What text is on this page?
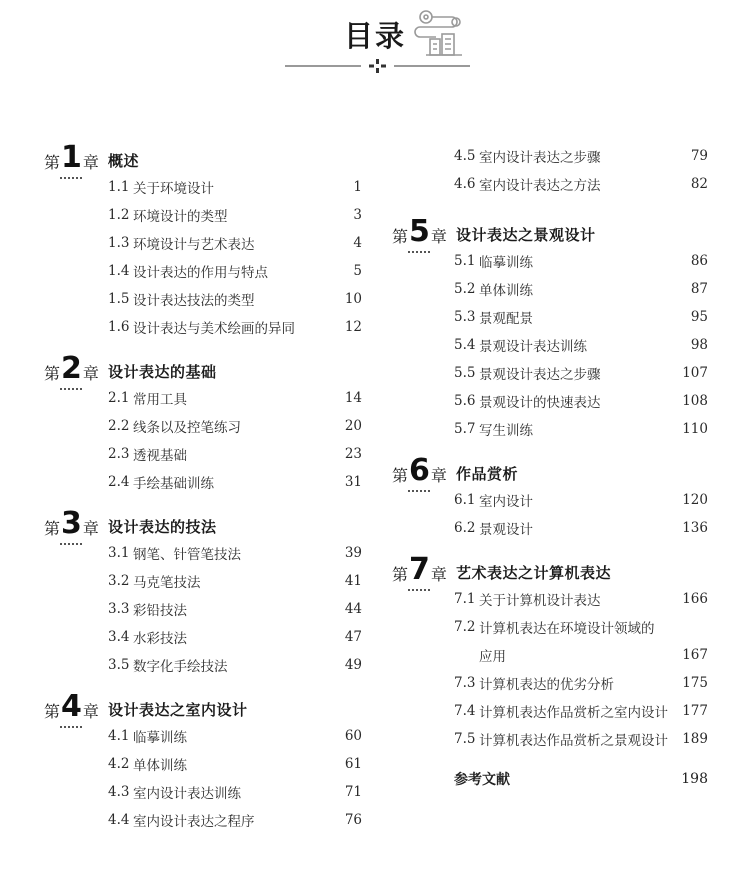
目录
第 1 章 概述
1.1 关于环境设计	1
1.2 环境设计的类型	3
1.3 环境设计与艺术表达	4
1.4 设计表达的作用与特点	5
1.5 设计表达技法的类型	10
1.6 设计表达与美术绘画的异同	12
第 2 章 设计表达的基础
2.1 常用工具	14
2.2 线条以及控笔练习	20
2.3 透视基础	23
2.4 手绘基础训练	31
第 3 章 设计表达的技法
3.1 钢笔、针管笔技法	39
3.2 马克笔技法	41
3.3 彩铅技法	44
3.4 水彩技法	47
3.5 数字化手绘技法	49
第 4 章 设计表达之室内设计
4.1 临摹训练	60
4.2 单体训练	61
4.3 室内设计表达训练	71
4.4 室内设计表达之程序	76
4.5 室内设计表达之步骤	79
4.6 室内设计表达之方法	82
第 5 章 设计表达之景观设计
5.1 临摹训练	86
5.2 单体训练	87
5.3 景观配景	95
5.4 景观设计表达训练	98
5.5 景观设计表达之步骤	107
5.6 景观设计的快速表达	108
5.7 写生训练	110
第 6 章 作品赏析
6.1 室内设计	120
6.2 景观设计	136
第 7 章 艺术表达之计算机表达
7.1 关于计算机设计表达	166
7.2 计算机表达在环境设计领域的
应用	167
7.3 计算机表达的优劣分析	175
7.4 计算机表达作品赏析之室内设计	177
7.5 计算机表达作品赏析之景观设计	189
参考文献	198
